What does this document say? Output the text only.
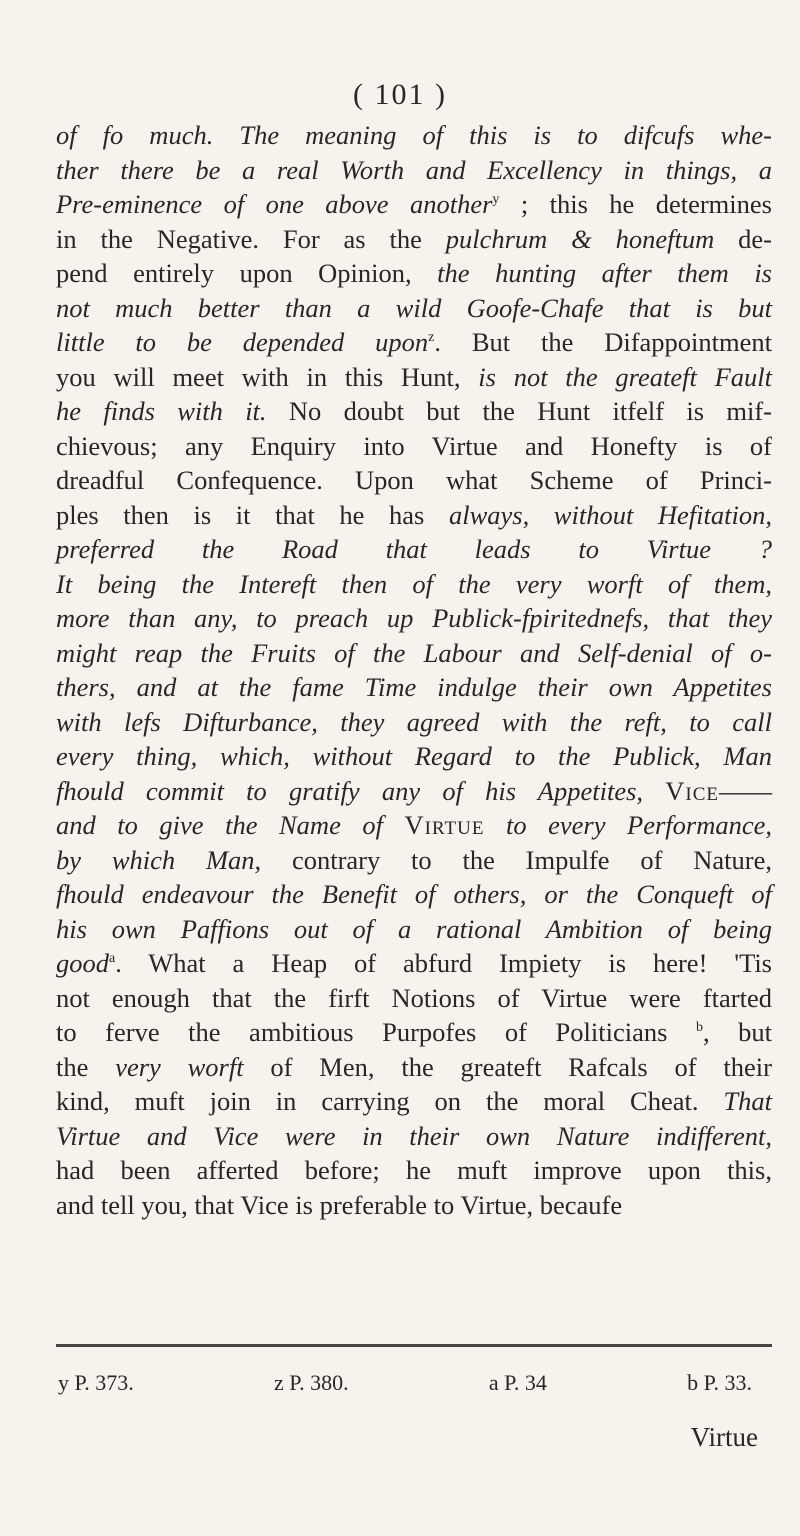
( 101 )
of fo much. The meaning of this is to difcufs whe-
ther there be a real Worth and Excellency in things, a
Pre-eminence of one above another$^y$ ; this he determines
in the Negative. For as the pulchrum & honeftum de-
pend entirely upon Opinion, the hunting after them is
not much better than a wild Goofe-Chafe that is but
little to be depended upon$^z$. But the Difappointment
you will meet with in this Hunt, is not the greateft Fault
he finds with it. No doubt but the Hunt itfelf is mif-
chievous; any Enquiry into Virtue and Honefty is of
dreadful Confequence. Upon what Scheme of Princi-
ples then is it that he has always, without Hefitation,
preferred the Road that leads to Virtue ?
It being the Intereft then of the very worft of them,
more than any, to preach up Publick-fpiritednefs, that they
might reap the Fruits of the Labour and Self-denial of o-
thers, and at the fame Time indulge their own Appetites
with lefs Difturbance, they agreed with the reft, to call
every thing, which, without Regard to the Publick, Man
fhould commit to gratify any of his Appetites, Vice——
and to give the Name of Virtue to every Performance,
by which Man, contrary to the Impulfe of Nature,
fhould endeavour the Benefit of others, or the Conqueft of
his own Paffions out of a rational Ambition of being
good$^a$. What a Heap of abfurd Impiety is here! 'Tis
not enough that the firft Notions of Virtue were ftarted
to ferve the ambitious Purpofes of Politicians $^b$, but
the very worft of Men, the greateft Rafcals of their
kind, muft join in carrying on the moral Cheat. That
Virtue and Vice were in their own Nature indifferent,
had been afferted before; he muft improve upon this,
and tell you, that Vice is preferable to Virtue, becaufe
y P. 373.	z P. 380.	a P. 34	b P. 33.
Virtue
